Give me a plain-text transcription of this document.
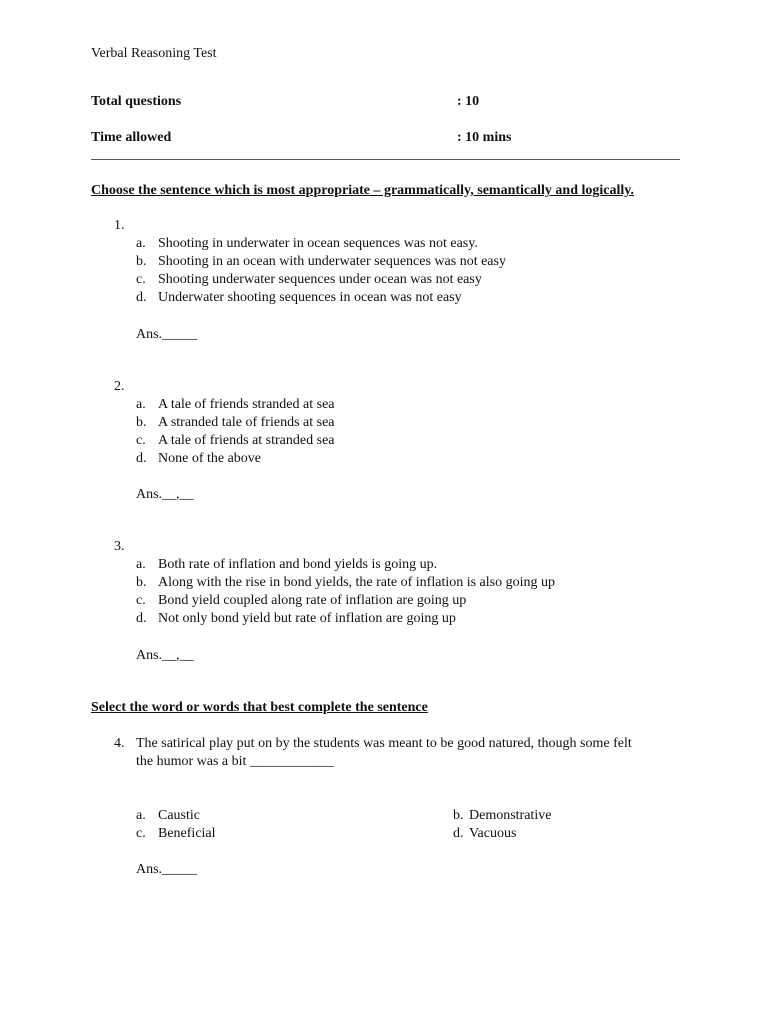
Verbal Reasoning Test
Total questions	: 10
Time allowed	: 10 mins
Choose the sentence which is most appropriate – grammatically, semantically and logically.
1.
a. Shooting in underwater in ocean sequences was not easy.
b. Shooting in an ocean with underwater sequences was not easy
c. Shooting underwater sequences under ocean was not easy
d. Underwater shooting sequences in ocean was not easy
Ans._____
2.
a. A tale of friends stranded at sea
b. A stranded tale of friends at sea
c. A tale of friends at stranded sea
d. None of the above
Ans.__,__
3.
a. Both rate of inflation and bond yields is going up.
b. Along with the rise in bond yields, the rate of inflation is also going up
c. Bond yield coupled along rate of inflation are going up
d. Not only bond yield but rate of inflation are going up
Ans.__,__
Select the word or words that best complete the sentence
4. The satirical play put on by the students was meant to be good natured, though some felt
the humor was a bit ____________
a. Caustic
c. Beneficial
b. Demonstrative
d. Vacuous
Ans._____
